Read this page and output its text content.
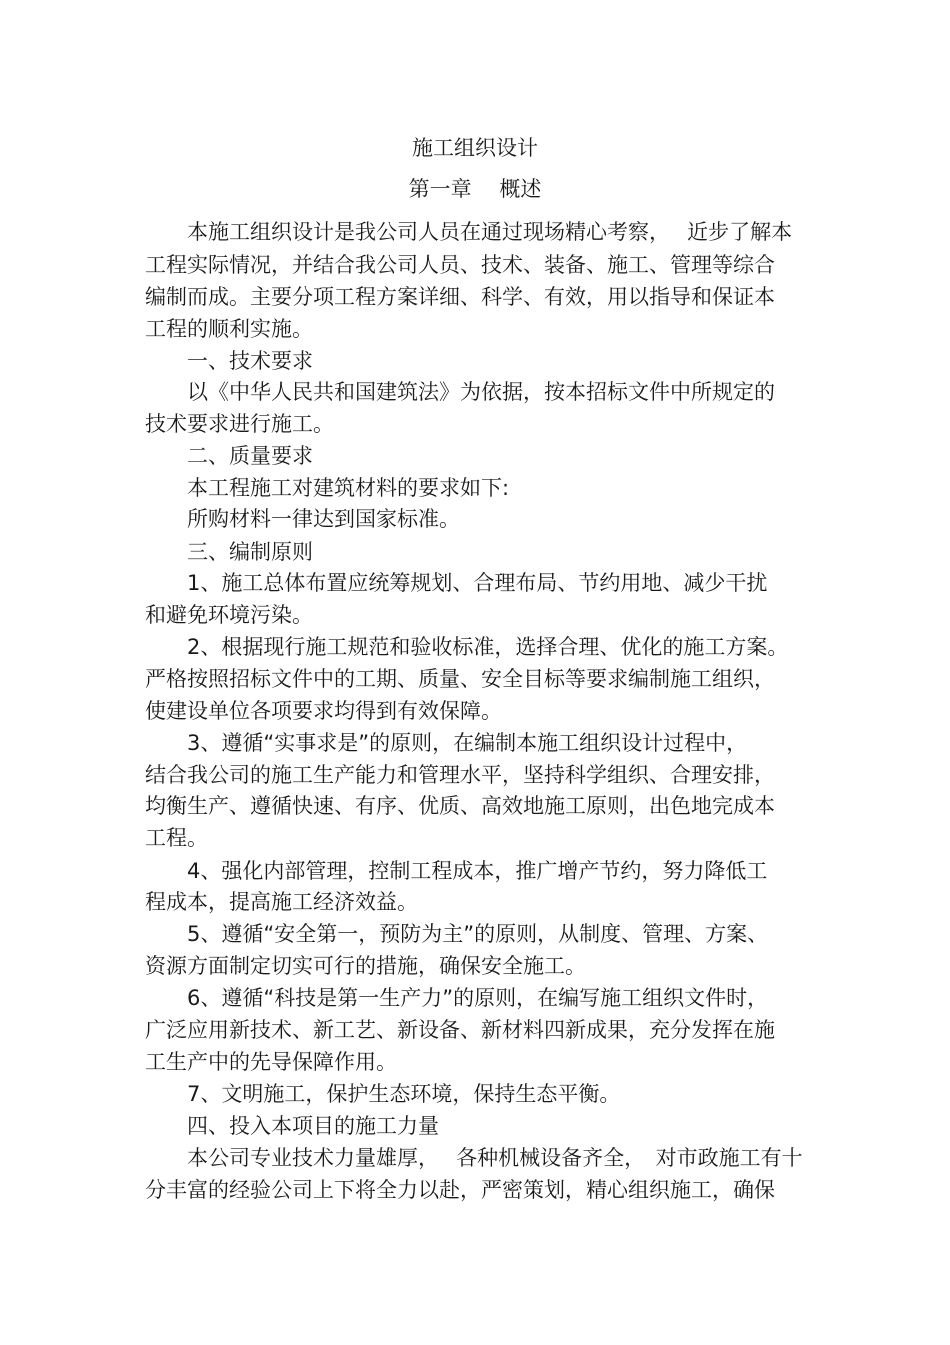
施工组织设计
第一章　 概述
本施工组织设计是我公司人员在通过现场精心考察，　 近步了解本
工程实际情况，并结合我公司人员、技术、装备、施工、管理等综合
编制而成。主要分项工程方案详细、科学、有效，用以指导和保证本
工程的顺利实施。
一、技术要求
以《中华人民共和国建筑法》为依据，按本招标文件中所规定的
技术要求进行施工。
二、质量要求
本工程施工对建筑材料的要求如下:
所购材料一律达到国家标准。
三、编制原则
1、施工总体布置应统筹规划、合理布局、节约用地、减少干扰
和避免环境污染。
2、根据现行施工规范和验收标准，选择合理、优化的施工方案。
严格按照招标文件中的工期、质量、安全目标等要求编制施工组织，
使建设单位各项要求均得到有效保障。
3、遵循“实事求是”的原则，在编制本施工组织设计过程中，
结合我公司的施工生产能力和管理水平，坚持科学组织、合理安排，
均衡生产、遵循快速、有序、优质、高效地施工原则，出色地完成本
工程。
4、强化内部管理，控制工程成本，推广增产节约，努力降低工
程成本，提高施工经济效益。
5、遵循“安全第一，预防为主”的原则，从制度、管理、方案、
资源方面制定切实可行的措施，确保安全施工。
6、遵循“科技是第一生产力”的原则，在编写施工组织文件时，
广泛应用新技术、新工艺、新设备、新材料四新成果，充分发挥在施
工生产中的先导保障作用。
7、文明施工，保护生态环境，保持生态平衡。
四、投入本项目的施工力量
本公司专业技术力量雄厚，　 各种机械设备齐全，　对市政施工有十
分丰富的经验公司上下将全力以赴，严密策划，精心组织施工，确保
